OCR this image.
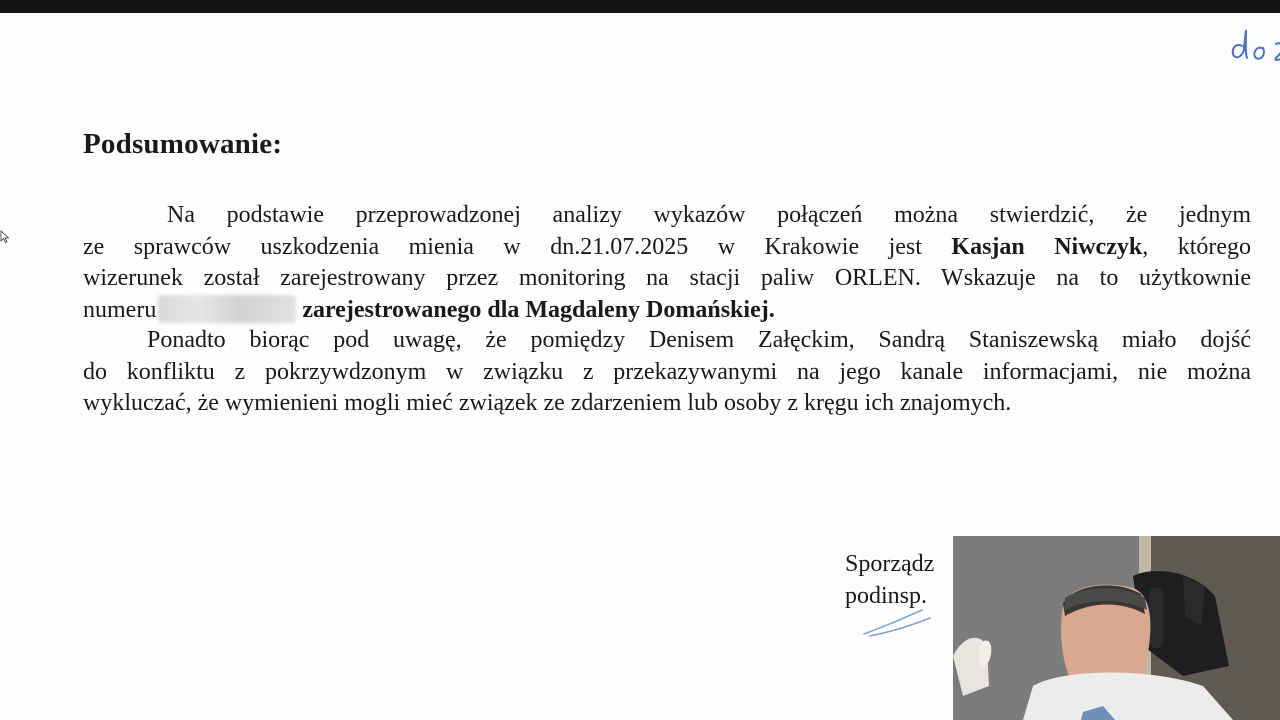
Podsumowanie:
Na podstawie przeprowadzonej analizy wykazów połączeń można stwierdzić, że jednym
ze sprawców uszkodzenia mienia w dn.21.07.2025 w Krakowie jest Kasjan Niwczyk, którego
wizerunek został zarejestrowany przez monitoring na stacji paliw ORLEN. Wskazuje na to użytkownie
numeru	zarejestrowanego dla Magdaleny Domańskiej.
Ponadto biorąc pod uwagę, że pomiędzy Denisem Załęckim, Sandrą Staniszewską miało dojść
do konfliktu z pokrzywdzonym w związku z przekazywanymi na jego kanale informacjami, nie można
wykluczać, że wymienieni mogli mieć związek ze zdarzeniem lub osoby z kręgu ich znajomych.
Sporządz
podinsp.
